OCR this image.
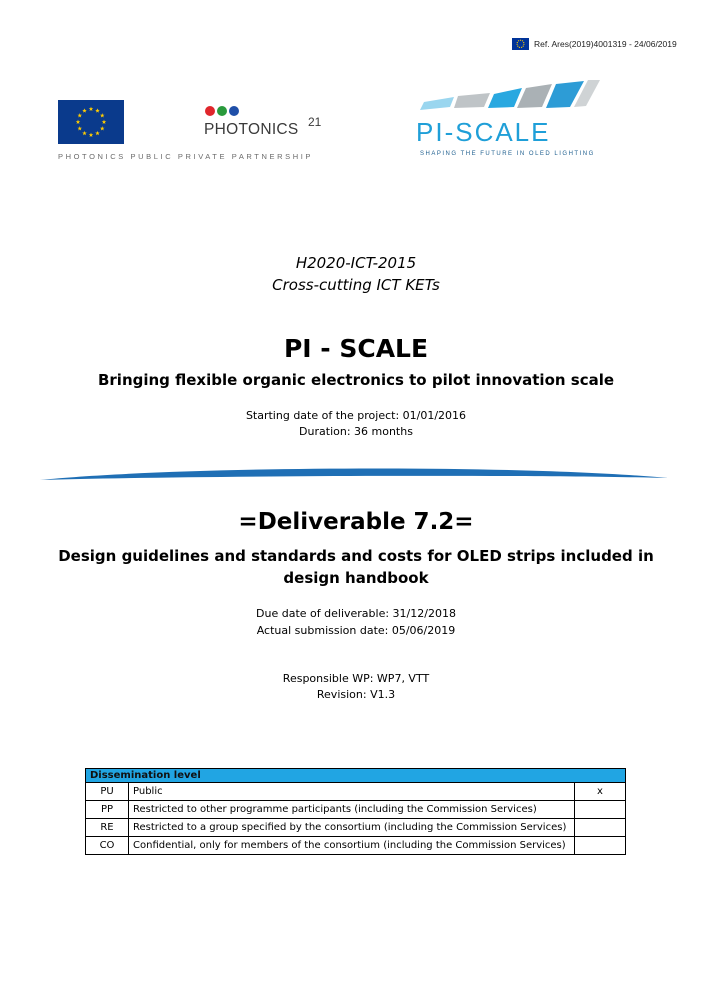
Ref. Ares(2019)4001319 - 24/06/2019
PHOTONICS 21
PHOTONICS PUBLIC PRIVATE PARTNERSHIP
PI-SCALE
SHAPING THE FUTURE IN OLED LIGHTING
H2020-ICT-2015
Cross-cutting ICT KETs
PI - SCALE
Bringing flexible organic electronics to pilot innovation scale
Starting date of the project: 01/01/2016
Duration: 36 months
=Deliverable 7.2=
Design guidelines and standards and costs for OLED strips included in design handbook
Due date of deliverable: 31/12/2018
Actual submission date: 05/06/2019
Responsible WP: WP7, VTT
Revision: V1.3
Dissemination level		
PU	Public	x
PP	Restricted to other programme participants (including the Commission Services)	
RE	Restricted to a group specified by the consortium (including the Commission Services)	
CO	Confidential, only for members of the consortium (including the Commission Services)	
